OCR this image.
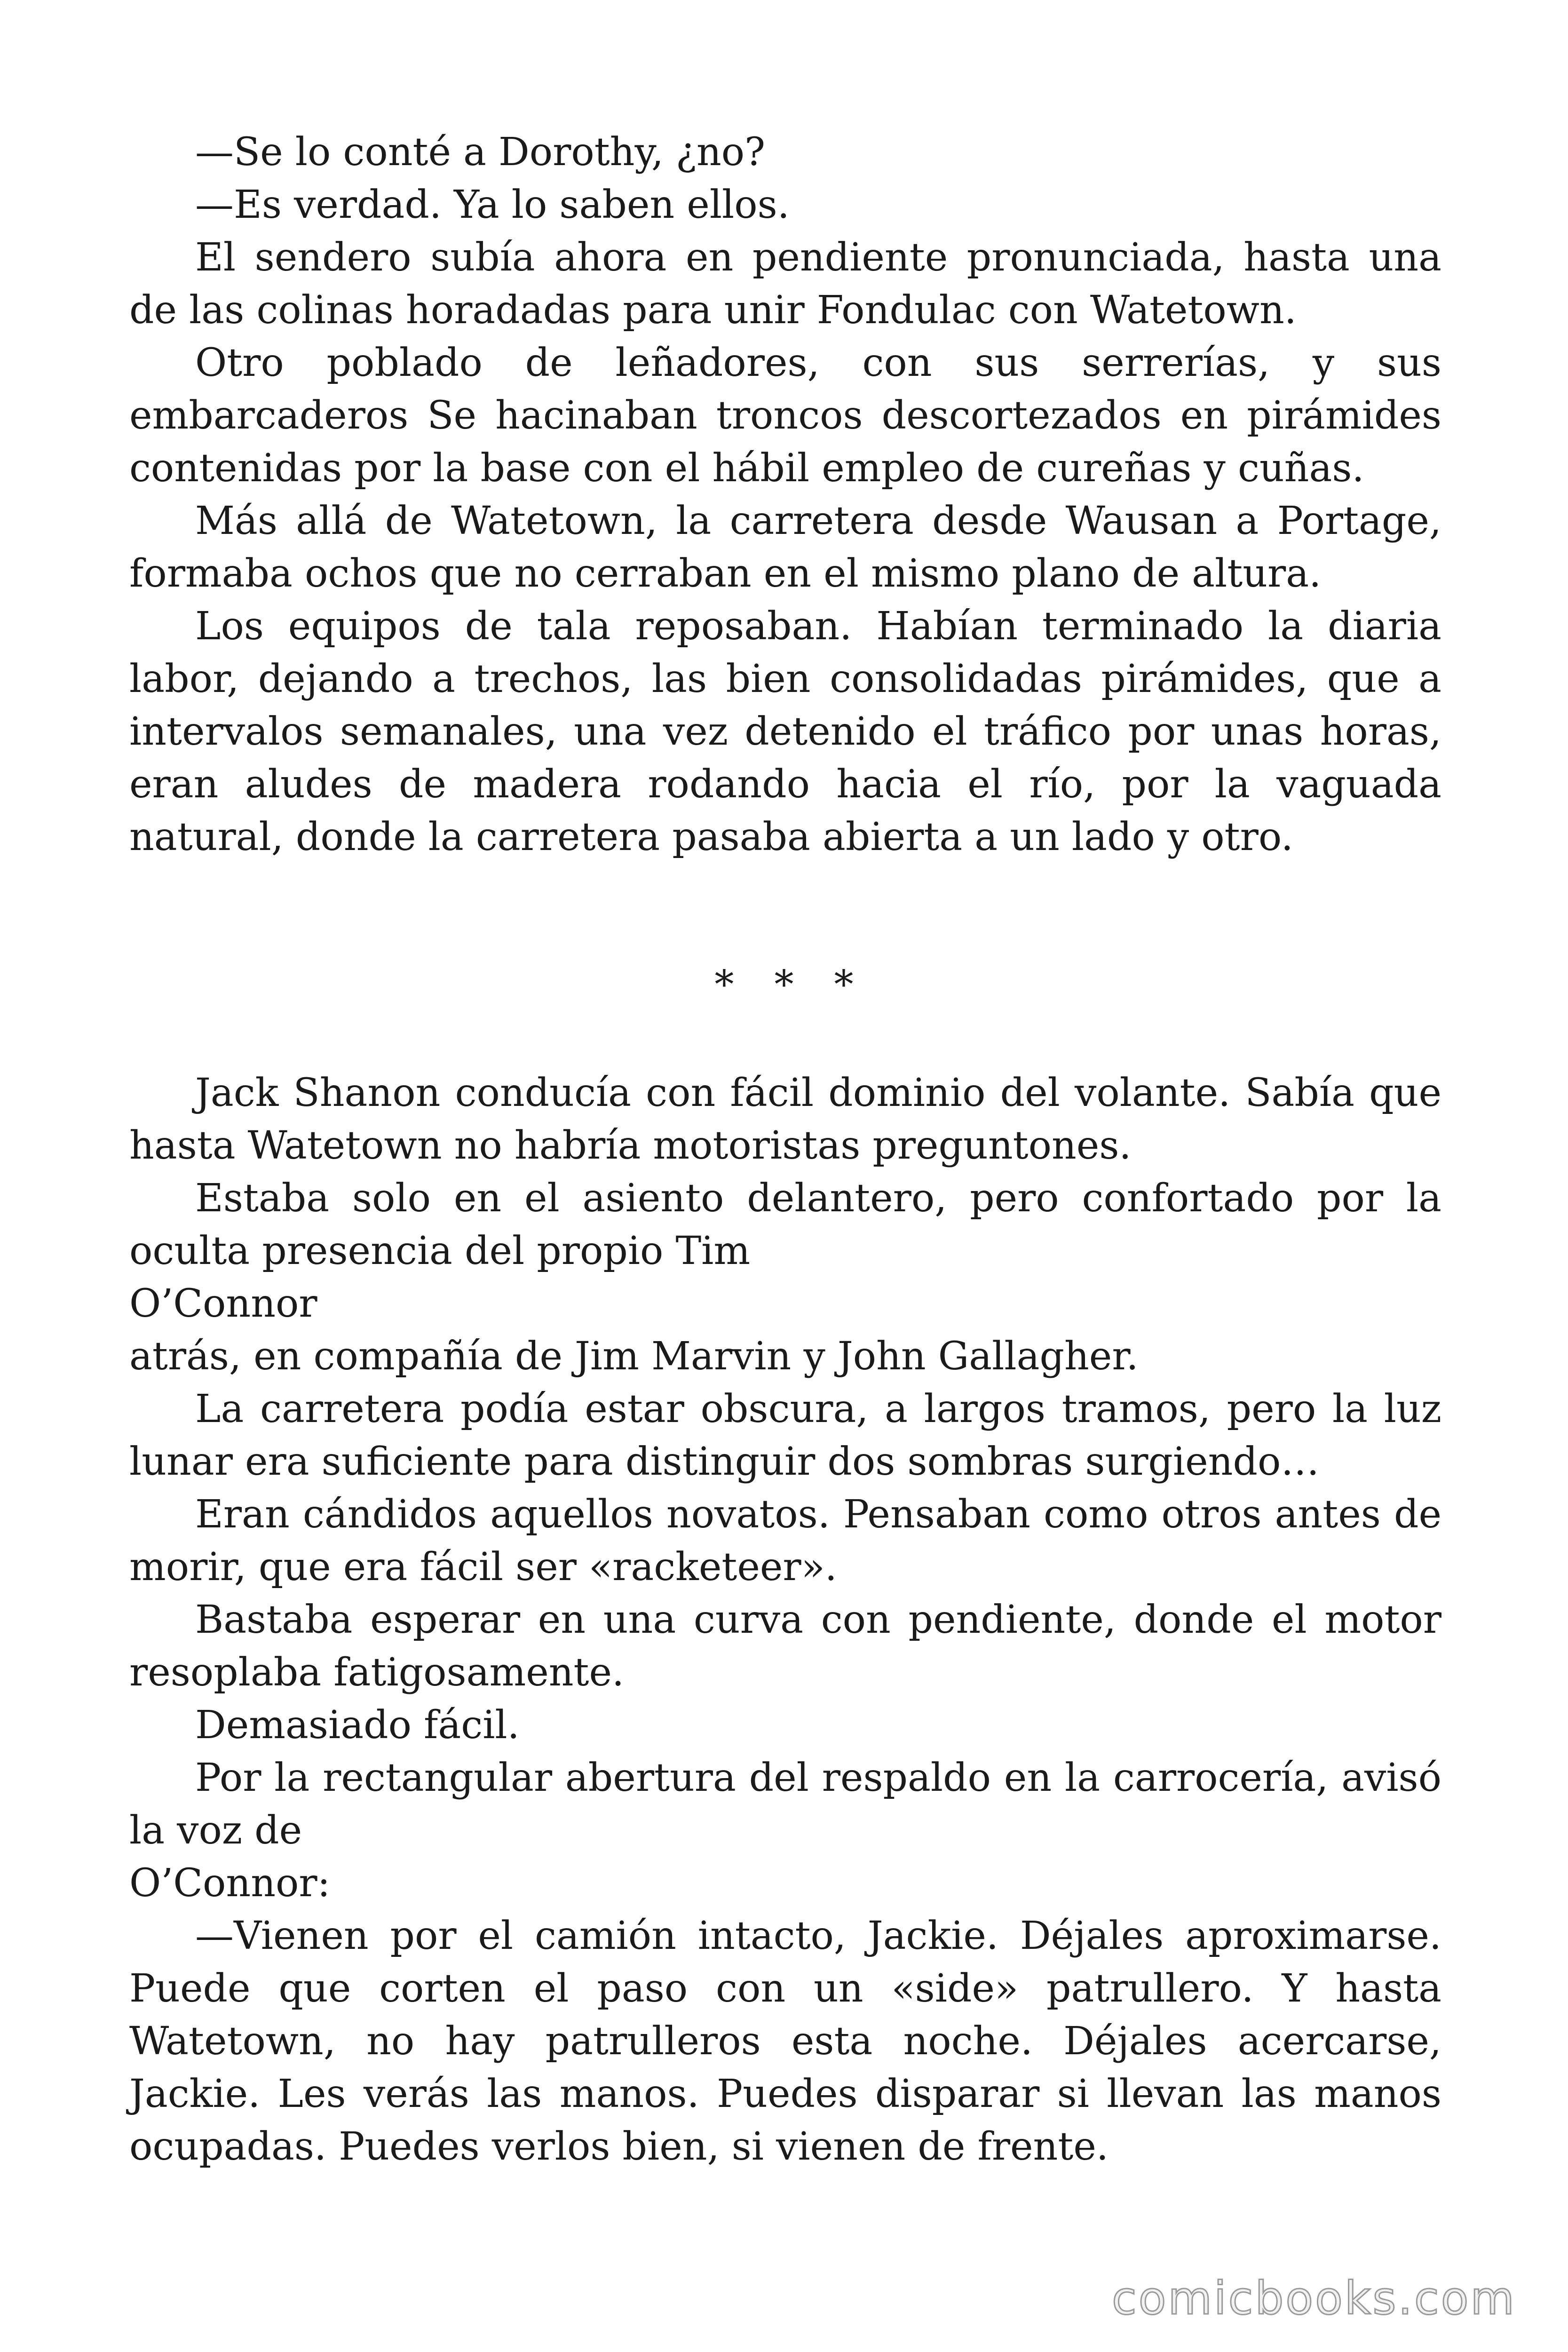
—Se lo conté a Dorothy, ¿no?

—Es verdad. Ya lo saben ellos.

El sendero subía ahora en pendiente pronunciada, hasta una de las colinas horadadas para unir Fondulac con Watetown.

Otro poblado de leñadores, con sus serrerías, y sus embarcaderos Se hacinaban troncos descortezados en pirámides contenidas por la base con el hábil empleo de cureñas y cuñas.

Más allá de Watetown, la carretera desde Wausan a Portage, formaba ochos que no cerraban en el mismo plano de altura.

Los equipos de tala reposaban. Habían terminado la diaria labor, dejando a trechos, las bien consolidadas pirámides, que a intervalos semanales, una vez detenido el tráfico por unas horas, eran aludes de madera rodando hacia el río, por la vaguada natural, donde la carretera pasaba abierta a un lado y otro.

* * *

Jack Shanon conducía con fácil dominio del volante. Sabía que hasta Watetown no habría motoristas preguntones.

Estaba solo en el asiento delantero, pero confortado por la oculta presencia del propio Tim

O’Connor

atrás, en compañía de Jim Marvin y John Gallagher.

La carretera podía estar obscura, a largos tramos, pero la luz lunar era suficiente para distinguir dos sombras surgiendo…

Eran cándidos aquellos novatos. Pensaban como otros antes de morir, que era fácil ser «racketeer».

Bastaba esperar en una curva con pendiente, donde el motor resoplaba fatigosamente.

Demasiado fácil.

Por la rectangular abertura del respaldo en la carrocería, avisó la voz de

O’Connor:

—Vienen por el camión intacto, Jackie. Déjales aproximarse. Puede que corten el paso con un «side» patrullero. Y hasta Watetown, no hay patrulleros esta noche. Déjales acercarse, Jackie. Les verás las manos. Puedes disparar si llevan las manos ocupadas. Puedes verlos bien, si vienen de frente.

comicbooks.com
